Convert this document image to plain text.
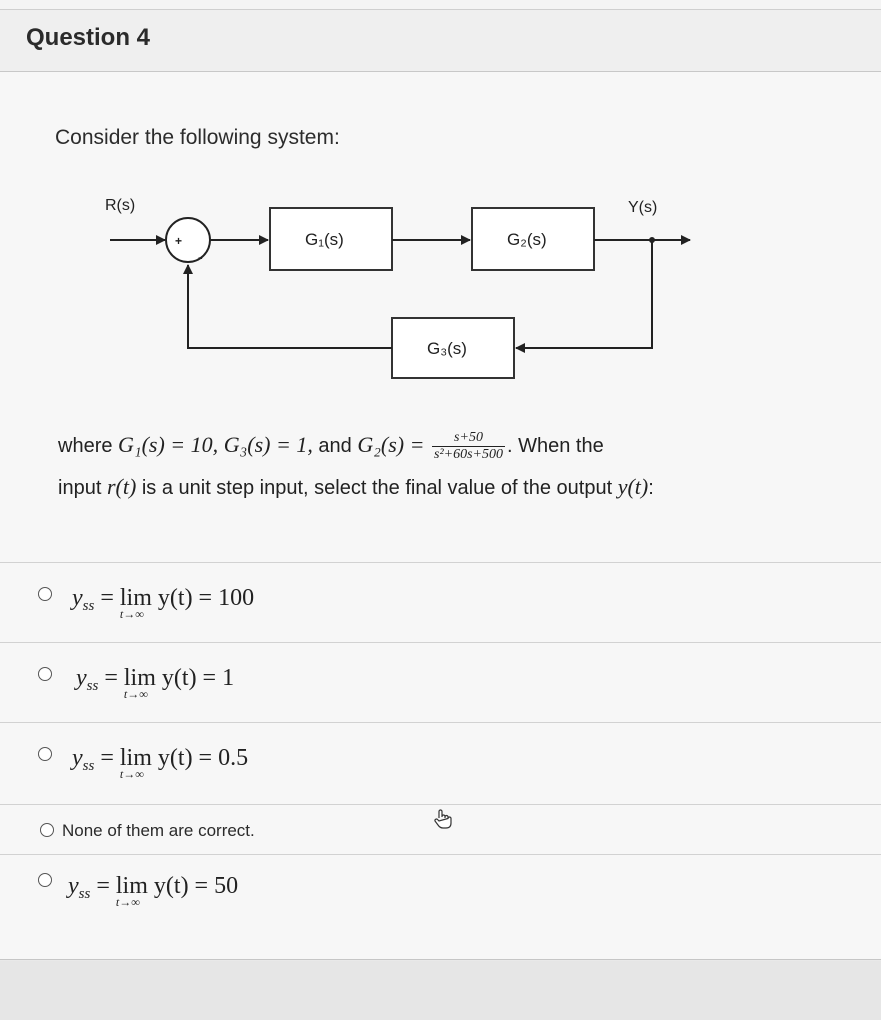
Question 4
Consider the following system:
R(s)
+
-
G₁(s)	G₂(s)
Y(s)
G₃(s)
where G₁(s) = 10, G₃(s) = 1, and $G_2(s) = \frac{s+50}{\text{s²+60s+500}}$ . When the
input r(t) is a unit step input, select the final value of the output y(t):
$y_{ss} = \lim$
t→∞
y(t) = 100
$y_{ss} = \lim$
t→∞
y(t) = 1
$y_{ss} = \lim$
t→∞
y(t) = 0.5
None of them are correct.
$y_{ss} = \lim$
t→∞
y(t) = 50
